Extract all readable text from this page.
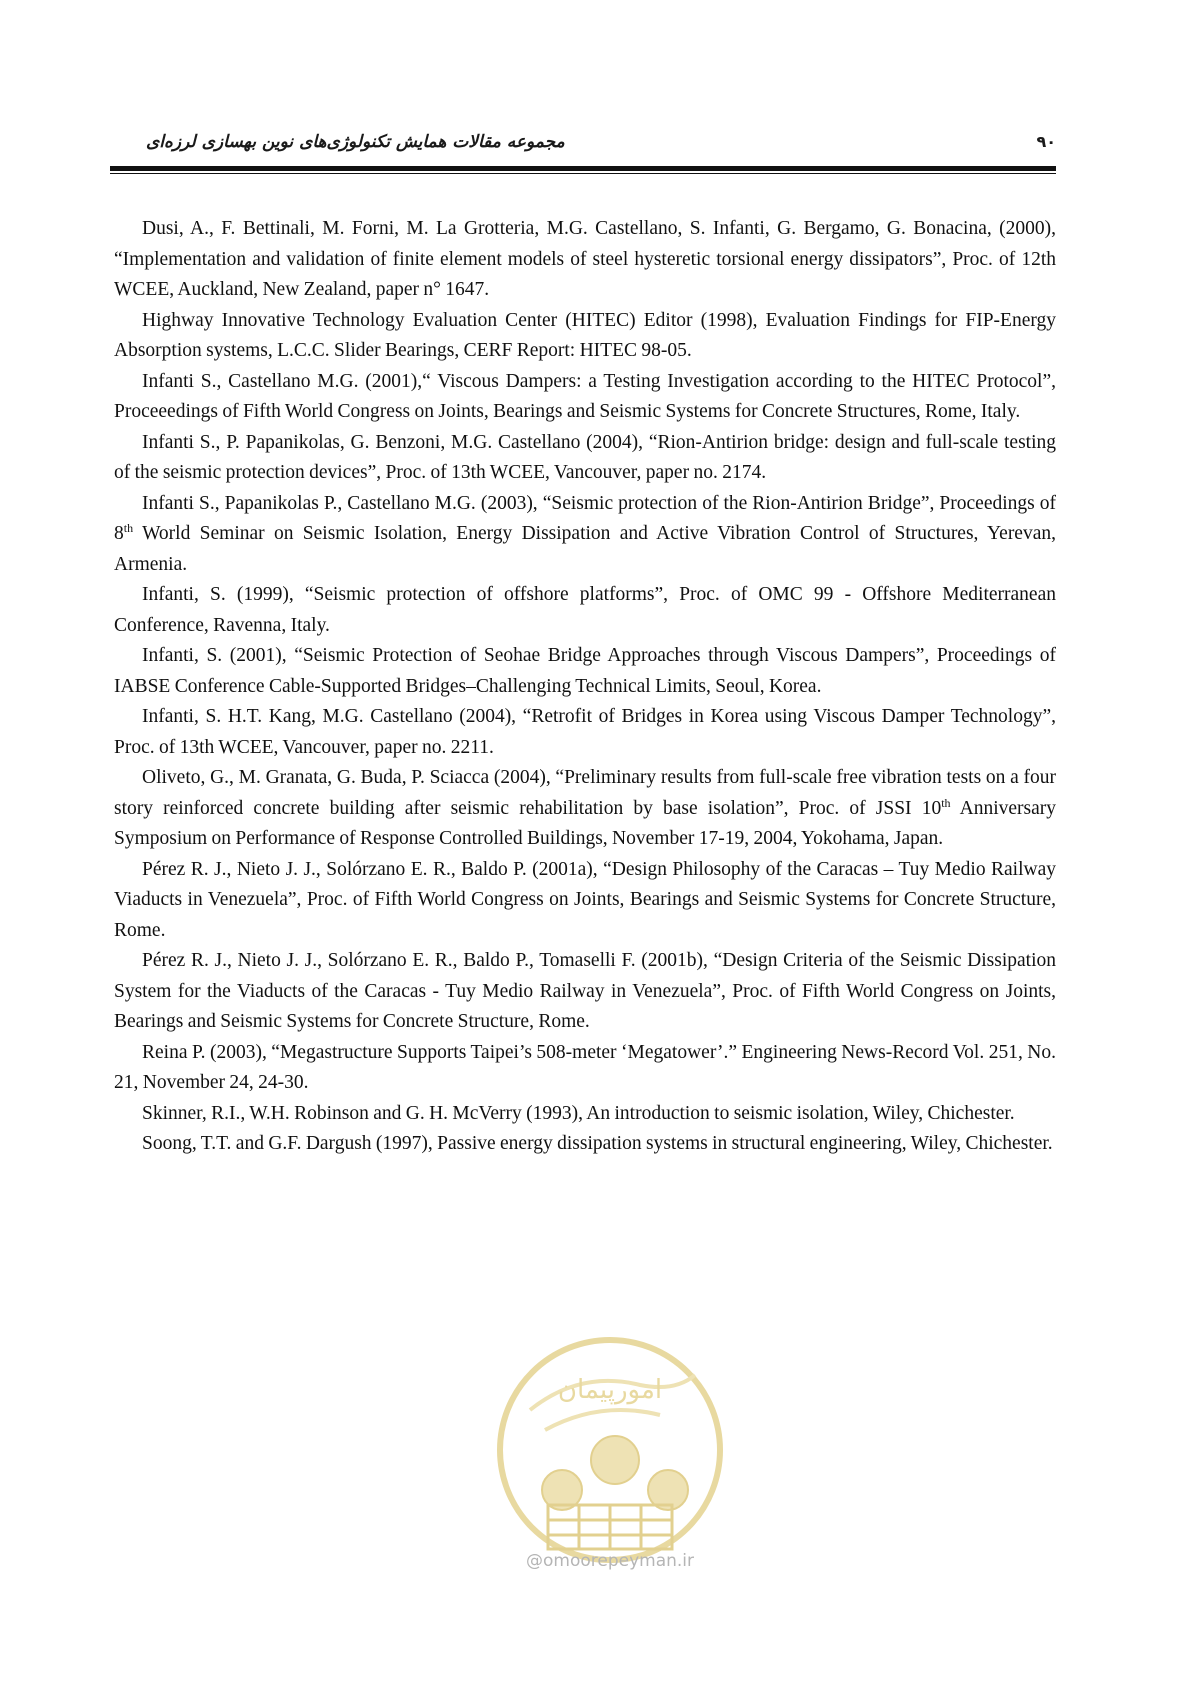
مجموعه مقالات همایش تکنولوژی‌های نوین بهسازی لرزه‌ای	۹۰

Dusi, A., F. Bettinali, M. Forni, M. La Grotteria, M.G. Castellano, S. Infanti, G. Bergamo, G. Bonacina, (2000), “Implementation and validation of finite element models of steel hysteretic torsional energy dissipators”, Proc. of 12th WCEE, Auckland, New Zealand, paper n° 1647.

Highway Innovative Technology Evaluation Center (HITEC) Editor (1998), Evaluation Findings for FIP-Energy Absorption systems, L.C.C. Slider Bearings, CERF Report: HITEC 98-05.

Infanti S., Castellano M.G. (2001),“ Viscous Dampers: a Testing Investigation according to the HITEC Protocol”, Proceeedings of Fifth World Congress on Joints, Bearings and Seismic Systems for Concrete Structures, Rome, Italy.

Infanti S., P. Papanikolas, G. Benzoni, M.G. Castellano (2004), “Rion-Antirion bridge: design and full-scale testing of the seismic protection devices”, Proc. of 13th WCEE, Vancouver, paper no. 2174.

Infanti S., Papanikolas P., Castellano M.G. (2003), “Seismic protection of the Rion-Antirion Bridge”, Proceedings of 8th World Seminar on Seismic Isolation, Energy Dissipation and Active Vibration Control of Structures, Yerevan, Armenia.

Infanti, S. (1999), “Seismic protection of offshore platforms”, Proc. of OMC 99 - Offshore Mediterranean Conference, Ravenna, Italy.

Infanti, S. (2001), “Seismic Protection of Seohae Bridge Approaches through Viscous Dampers”, Proceedings of IABSE Conference Cable-Supported Bridges–Challenging Technical Limits, Seoul, Korea.

Infanti, S. H.T. Kang, M.G. Castellano (2004), “Retrofit of Bridges in Korea using Viscous Damper Technology”, Proc. of 13th WCEE, Vancouver, paper no. 2211.

Oliveto, G., M. Granata, G. Buda, P. Sciacca (2004), “Preliminary results from full-scale free vibration tests on a four story reinforced concrete building after seismic rehabilitation by base isolation”, Proc. of JSSI 10th Anniversary Symposium on Performance of Response Controlled Buildings, November 17-19, 2004, Yokohama, Japan.

Pérez R. J., Nieto J. J., Solórzano E. R., Baldo P. (2001a), “Design Philosophy of the Caracas – Tuy Medio Railway Viaducts in Venezuela”, Proc. of Fifth World Congress on Joints, Bearings and Seismic Systems for Concrete Structure, Rome.

Pérez R. J., Nieto J. J., Solórzano E. R., Baldo P., Tomaselli F. (2001b), “Design Criteria of the Seismic Dissipation System for the Viaducts of the Caracas - Tuy Medio Railway in Venezuela”, Proc. of Fifth World Congress on Joints, Bearings and Seismic Systems for Concrete Structure, Rome.

Reina P. (2003), “Megastructure Supports Taipei’s 508-meter ‘Megatower’.” Engineering News-Record Vol. 251, No. 21, November 24, 24-30.

Skinner, R.I., W.H. Robinson and G. H. McVerry (1993), An introduction to seismic isolation, Wiley, Chichester.

Soong, T.T. and G.F. Dargush (1997), Passive energy dissipation systems in structural engineering, Wiley, Chichester.

امورپیمان
@omoorepeyman.ir
